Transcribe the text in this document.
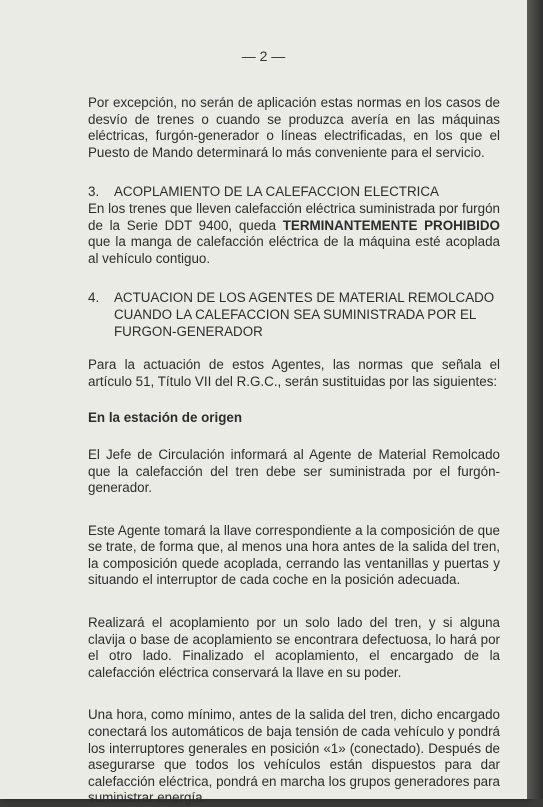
— 2 —

Por excepción, no serán de aplicación estas normas en los casos de desvío de trenes o cuando se produzca avería en las máquinas eléctricas, furgón-generador o líneas electrificadas, en los que el Puesto de Mando determinará lo más conveniente para el servicio.

3.	ACOPLAMIENTO DE LA CALEFACCION ELECTRICA

En los trenes que lleven calefacción eléctrica suministrada por furgón de la Serie DDT 9400, queda TERMINANTEMENTE PROHIBIDO que la manga de calefacción eléctrica de la máquina esté acoplada al vehículo contiguo.

4.	ACTUACION DE LOS AGENTES DE MATERIAL REMOLCADO CUANDO LA CALEFACCION SEA SUMINISTRADA POR EL FURGON-GENERADOR

Para la actuación de estos Agentes, las normas que señala el artículo 51, Título VII del R.G.C., serán sustituidas por las siguientes:

En la estación de origen

El Jefe de Circulación informará al Agente de Material Remolcado que la calefacción del tren debe ser suministrada por el furgón-generador.

Este Agente tomará la llave correspondiente a la composición de que se trate, de forma que, al menos una hora antes de la salida del tren, la composición quede acoplada, cerrando las ventanillas y puertas y situando el interruptor de cada coche en la posición adecuada.

Realizará el acoplamiento por un solo lado del tren, y si alguna clavija o base de acoplamiento se encontrara defectuosa, lo hará por el otro lado. Finalizado el acoplamiento, el encargado de la calefacción eléctrica conservará la llave en su poder.

Una hora, como mínimo, antes de la salida del tren, dicho encargado conectará los automáticos de baja tensión de cada vehículo y pondrá los interruptores generales en posición «1» (conectado). Después de asegurarse que todos los vehículos están dispuestos para dar calefacción eléctrica, pondrá en marcha los grupos generadores para suministrar energía.
